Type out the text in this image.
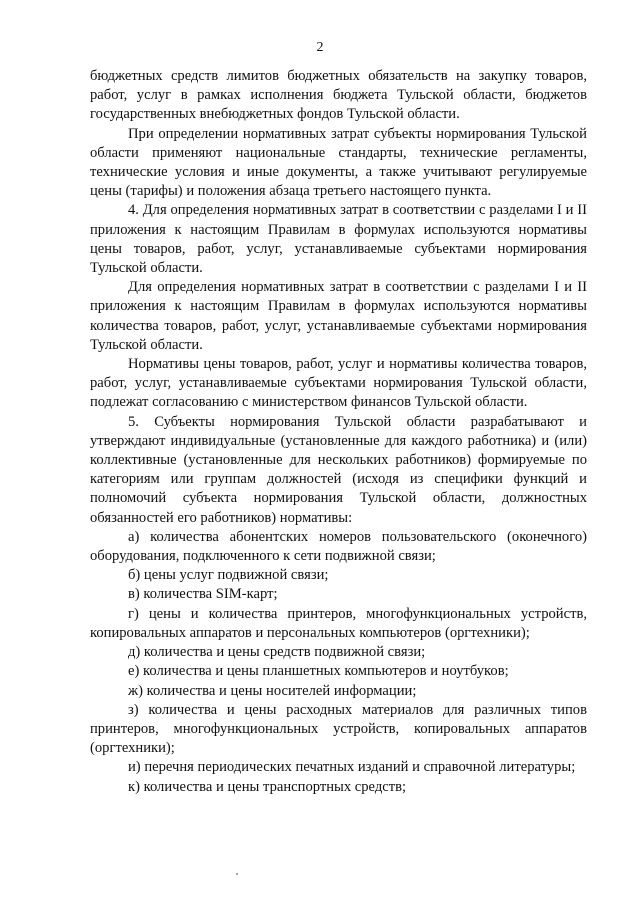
2

бюджетных средств лимитов бюджетных обязательств на закупку товаров, работ, услуг в рамках исполнения бюджета Тульской области, бюджетов государственных внебюджетных фондов Тульской области.

При определении нормативных затрат субъекты нормирования Тульской области применяют национальные стандарты, технические регламенты, технические условия и иные документы, а также учитывают регулируемые цены (тарифы) и положения абзаца третьего настоящего пункта.

4. Для определения нормативных затрат в соответствии с разделами I и II приложения к настоящим Правилам в формулах используются нормативы цены товаров, работ, услуг, устанавливаемые субъектами нормирования Тульской области.

Для определения нормативных затрат в соответствии с разделами I и II приложения к настоящим Правилам в формулах используются нормативы количества товаров, работ, услуг, устанавливаемые субъектами нормирования Тульской области.

Нормативы цены товаров, работ, услуг и нормативы количества товаров, работ, услуг, устанавливаемые субъектами нормирования Тульской области, подлежат согласованию с министерством финансов Тульской области.

5. Субъекты нормирования Тульской области разрабатывают и утверждают индивидуальные (установленные для каждого работника) и (или) коллективные (установленные для нескольких работников) формируемые по категориям или группам должностей (исходя из специфики функций и полномочий субъекта нормирования Тульской области, должностных обязанностей его работников) нормативы:

а) количества абонентских номеров пользовательского (оконечного) оборудования, подключенного к сети подвижной связи;

б) цены услуг подвижной связи;

в) количества SIM-карт;

г) цены и количества принтеров, многофункциональных устройств, копировальных аппаратов и персональных компьютеров (оргтехники);

д) количества и цены средств подвижной связи;

е) количества и цены планшетных компьютеров и ноутбуков;

ж) количества и цены носителей информации;

з) количества и цены расходных материалов для различных типов принтеров, многофункциональных устройств, копировальных аппаратов (оргтехники);

и) перечня периодических печатных изданий и справочной литературы;

к) количества и цены транспортных средств;
